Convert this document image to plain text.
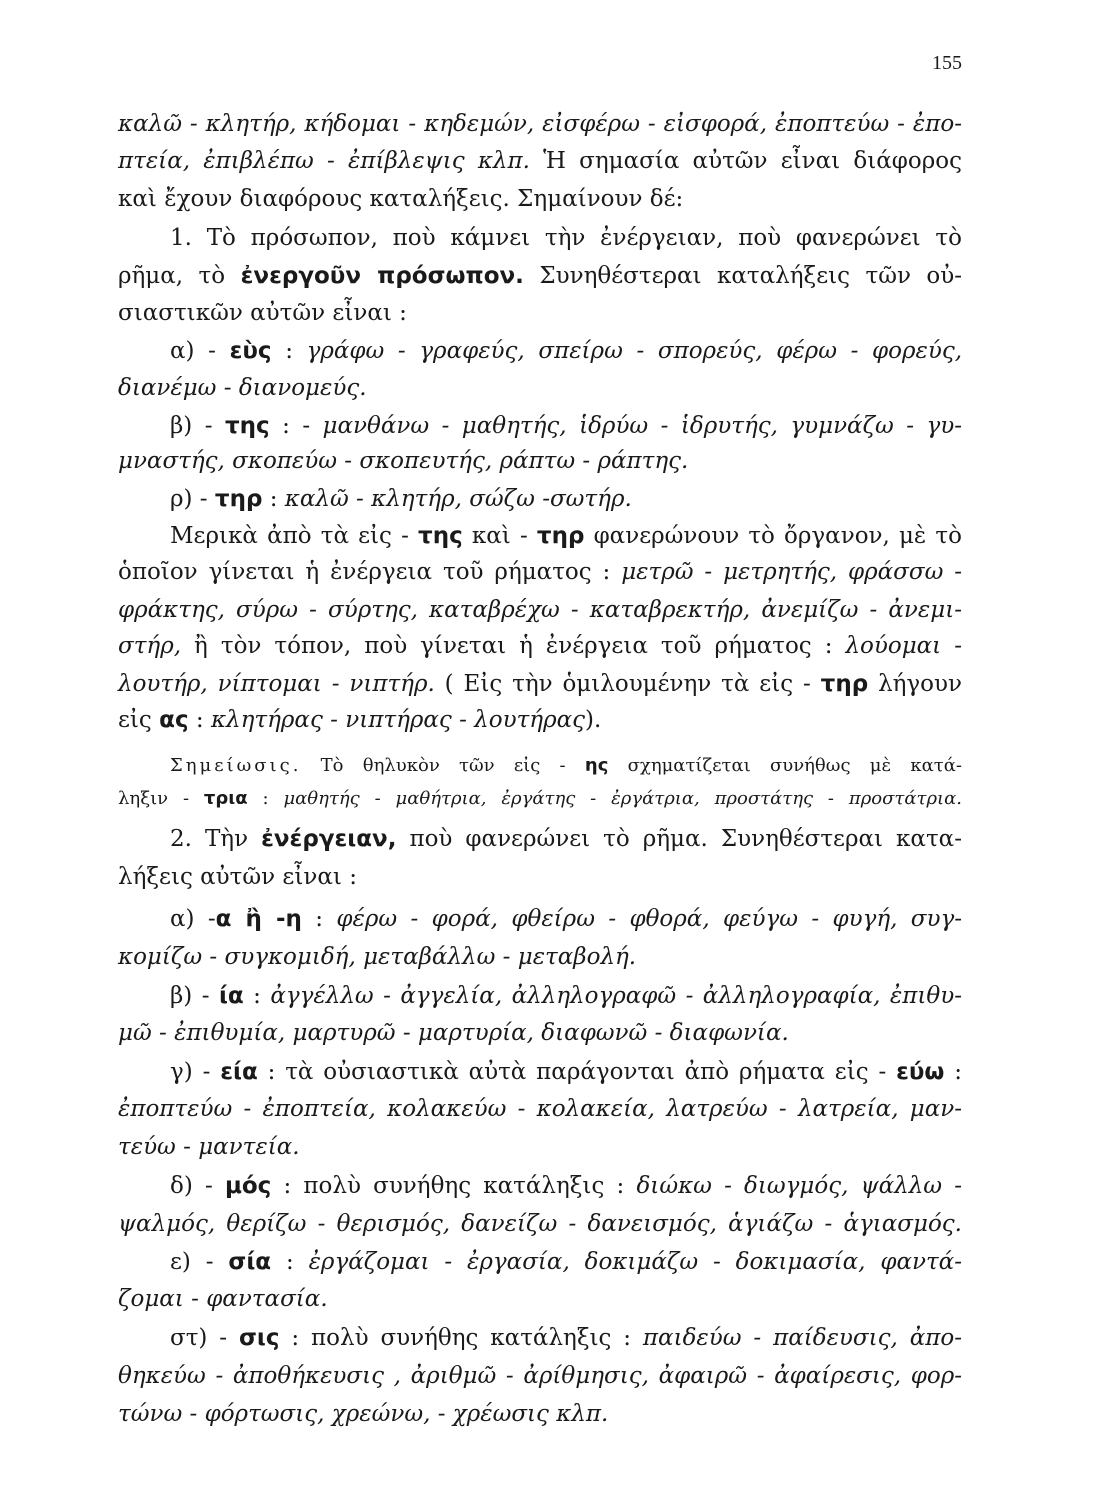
155
καλῶ - κλητήρ, κήδομαι - κηδεμών, εἰσφέρω - εἰσφορά, ἐποπτεύω - ἐπο-
πτεία, ἐπιβλέπω - ἐπίβλεψις κλπ. Ἡ σημασία αὐτῶν εἶναι διάφορος
καὶ ἔχουν διαφόρους καταλήξεις. Σημαίνουν δέ:
1. Τὸ πρόσωπον, ποὺ κάμνει τὴν ἐνέργειαν, ποὺ φανερώνει τὸ
ρῆμα, τὸ ἐνεργοῦν πρόσωπον. Συνηθέστεραι καταλήξεις τῶν οὐ-
σιαστικῶν αὐτῶν εἶναι :
α) - εὺς : γράφω - γραφεύς, σπείρω - σπορεύς, φέρω - φορεύς,
διανέμω - διανομεύς.
β) - της : - μανθάνω - μαθητής, ἱδρύω - ἱδρυτής, γυμνάζω - γυ-
μναστής, σκοπεύω - σκοπευτής, ράπτω - ράπτης.
ρ) - τηρ : καλῶ - κλητήρ, σώζω -σωτήρ.
Μερικὰ ἀπὸ τὰ εἰς - της καὶ - τηρ φανερώνουν τὸ ὄργανον, μὲ τὸ
ὁποῖον γίνεται ἡ ἐνέργεια τοῦ ρήματος : μετρῶ - μετρητής, φράσσω -
φράκτης, σύρω - σύρτης, καταβρέχω - καταβρεκτήρ, ἀνεμίζω - ἀνεμι-
στήρ, ἢ τὸν τόπον, ποὺ γίνεται ἡ ἐνέργεια τοῦ ρήματος : λούομαι -
λουτήρ, νίπτομαι - νιπτήρ. ( Εἰς τὴν ὁμιλουμένην τὰ εἰς - τηρ λήγουν
εἰς ας : κλητήρας - νιπτήρας - λουτήρας).
Σημείωσις. Τὸ θηλυκὸν τῶν εἰς - ης σχηματίζεται συνήθως μὲ κατά-
ληξιν - τρια : μαθητής - μαθήτρια, ἐργάτης - ἐργάτρια, προστάτης - προστάτρια.
2. Τὴν ἐνέργειαν, ποὺ φανερώνει τὸ ρῆμα. Συνηθέστεραι κατα-
λήξεις αὐτῶν εἶναι :
α) -α ἢ -η : φέρω - φορά, φθείρω - φθορά, φεύγω - φυγή, συγ-
κομίζω - συγκομιδή, μεταβάλλω - μεταβολή.
β) - ία : ἀγγέλλω - ἀγγελία, ἀλληλογραφῶ - ἀλληλογραφία, ἐπιθυ-
μῶ - ἐπιθυμία, μαρτυρῶ - μαρτυρία, διαφωνῶ - διαφωνία.
γ) - εία : τὰ οὐσιαστικὰ αὐτὰ παράγονται ἀπὸ ρήματα εἰς - εύω :
ἐποπτεύω - ἐποπτεία, κολακεύω - κολακεία, λατρεύω - λατρεία, μαν-
τεύω - μαντεία.
δ) - μός : πολὺ συνήθης κατάληξις : διώκω - διωγμός, ψάλλω -
ψαλμός, θερίζω - θερισμός, δανείζω - δανεισμός, ἁγιάζω - ἁγιασμός.
ε) - σία : ἐργάζομαι - ἐργασία, δοκιμάζω - δοκιμασία, φαντά-
ζομαι - φαντασία.
στ) - σις : πολὺ συνήθης κατάληξις : παιδεύω - παίδευσις, ἀπο-
θηκεύω - ἀποθήκευσις , ἀριθμῶ - ἀρίθμησις, ἀφαιρῶ - ἀφαίρεσις, φορ-
τώνω - φόρτωσις, χρεώνω, - χρέωσις κλπ.
